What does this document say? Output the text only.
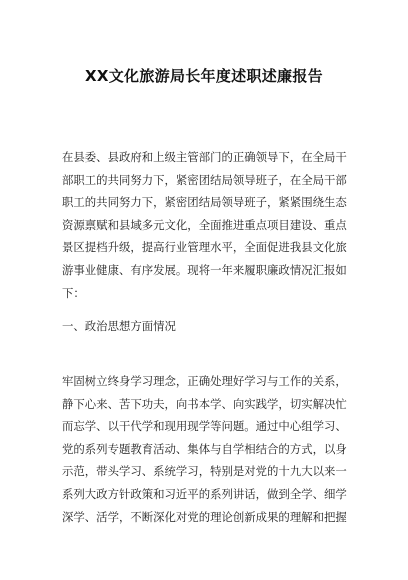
XX文化旅游局长年度述职述廉报告
在县委、县政府和上级主管部门的正确领导下，在全局干
部职工的共同努力下，紧密团结局领导班子，在全局干部
职工的共同努力下，紧密团结局领导班子，紧紧围绕生态
资源禀赋和县域多元文化，全面推进重点项目建设、重点
景区提档升级，提高行业管理水平，全面促进我县文化旅
游事业健康、有序发展。现将一年来履职廉政情况汇报如
下：
一、政治思想方面情况
牢固树立终身学习理念，正确处理好学习与工作的关系，
静下心来、苦下功夫，向书本学、向实践学，切实解决忙
而忘学、以干代学和现用现学等问题。通过中心组学习、
党的系列专题教育活动、集体与自学相结合的方式，以身
示范，带头学习、系统学习，特别是对党的十九大以来一
系列大政方针政策和习近平的系列讲话，做到全学、细学
深学、活学，不断深化对党的理论创新成果的理解和把握
